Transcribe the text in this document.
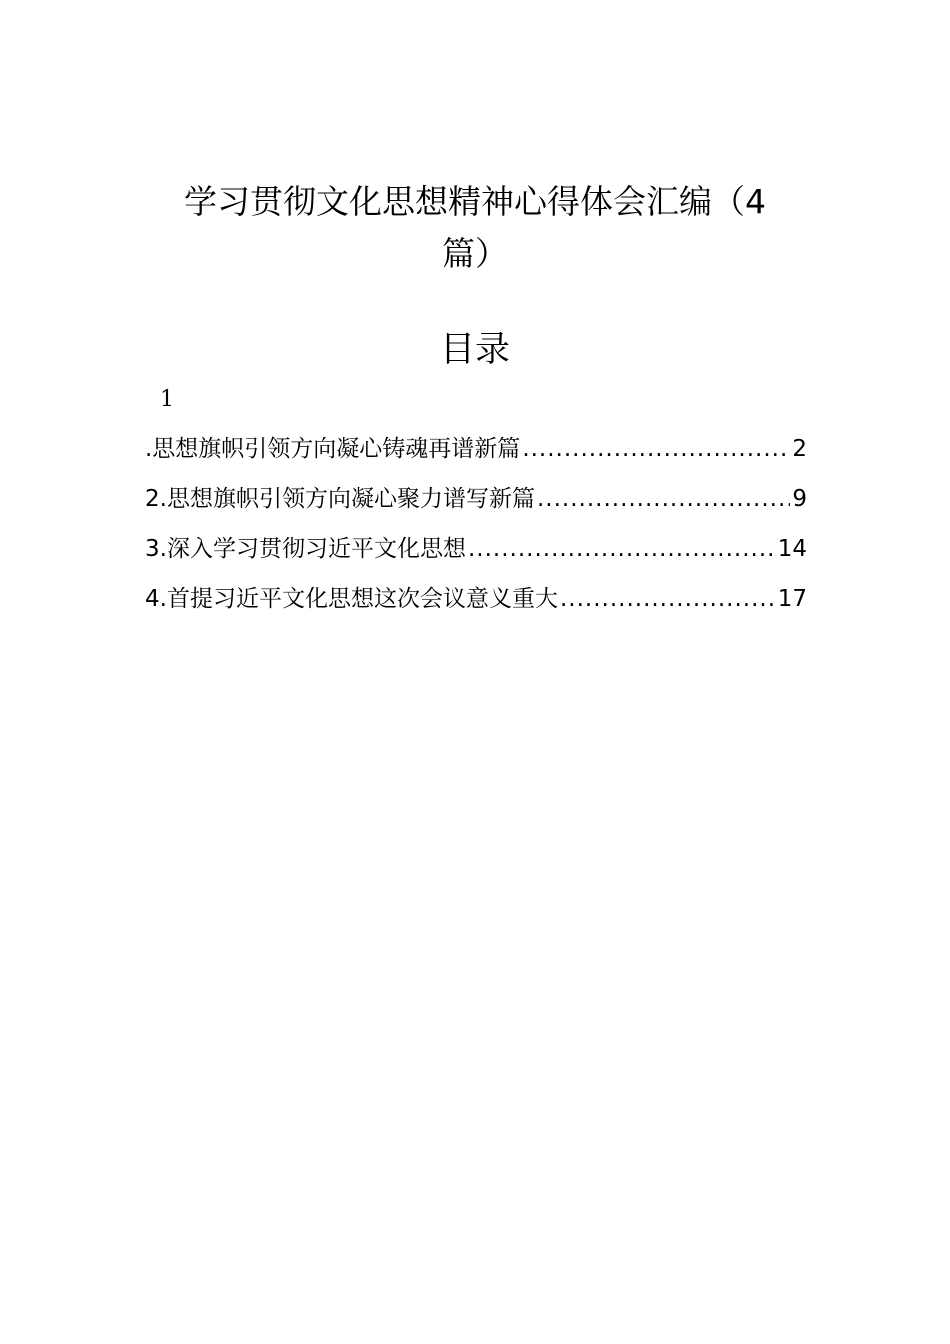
学习贯彻文化思想精神心得体会汇编（4
篇）
目录
1
.思想旗帜引领方向凝心铸魂再谱新篇 .....	2
2.思想旗帜引领方向凝心聚力谱写新篇 .....	9
3.深入学习贯彻习近平文化思想 .....	14
4.首提习近平文化思想这次会议意义重大 .....	17
